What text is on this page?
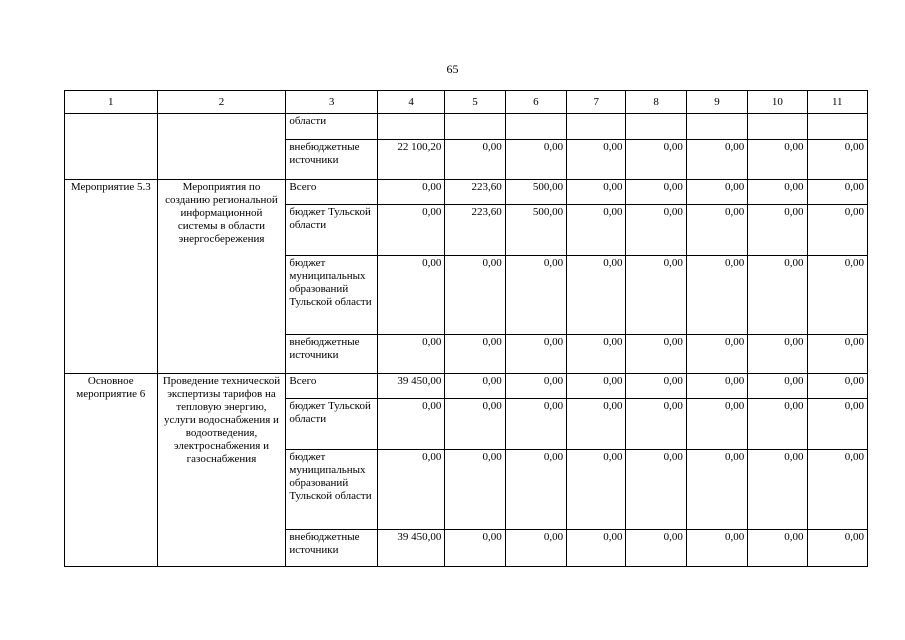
65
1	2	3	4	5	6	7	8	9	10	11
		области								
		внебюджетные источники	22 100,20	0,00	0,00	0,00	0,00	0,00	0,00	0,00
Мероприятие 5.3	Мероприятия по созданию региональной информационной системы в области энергосбережения	Всего	0,00	223,60	500,00	0,00	0,00	0,00	0,00	0,00
		бюджет Тульской области	0,00	223,60	500,00	0,00	0,00	0,00	0,00	0,00
		бюджет муниципальных образований Тульской области	0,00	0,00	0,00	0,00	0,00	0,00	0,00	0,00
		внебюджетные источники	0,00	0,00	0,00	0,00	0,00	0,00	0,00	0,00
Основное мероприятие 6	Проведение технической экспертизы тарифов на тепловую энергию, услуги водоснабжения и водоотведения, электроснабжения и газоснабжения	Всего	39 450,00	0,00	0,00	0,00	0,00	0,00	0,00	0,00
		бюджет Тульской области	0,00	0,00	0,00	0,00	0,00	0,00	0,00	0,00
		бюджет муниципальных образований Тульской области	0,00	0,00	0,00	0,00	0,00	0,00	0,00	0,00
		внебюджетные источники	39 450,00	0,00	0,00	0,00	0,00	0,00	0,00	0,00
